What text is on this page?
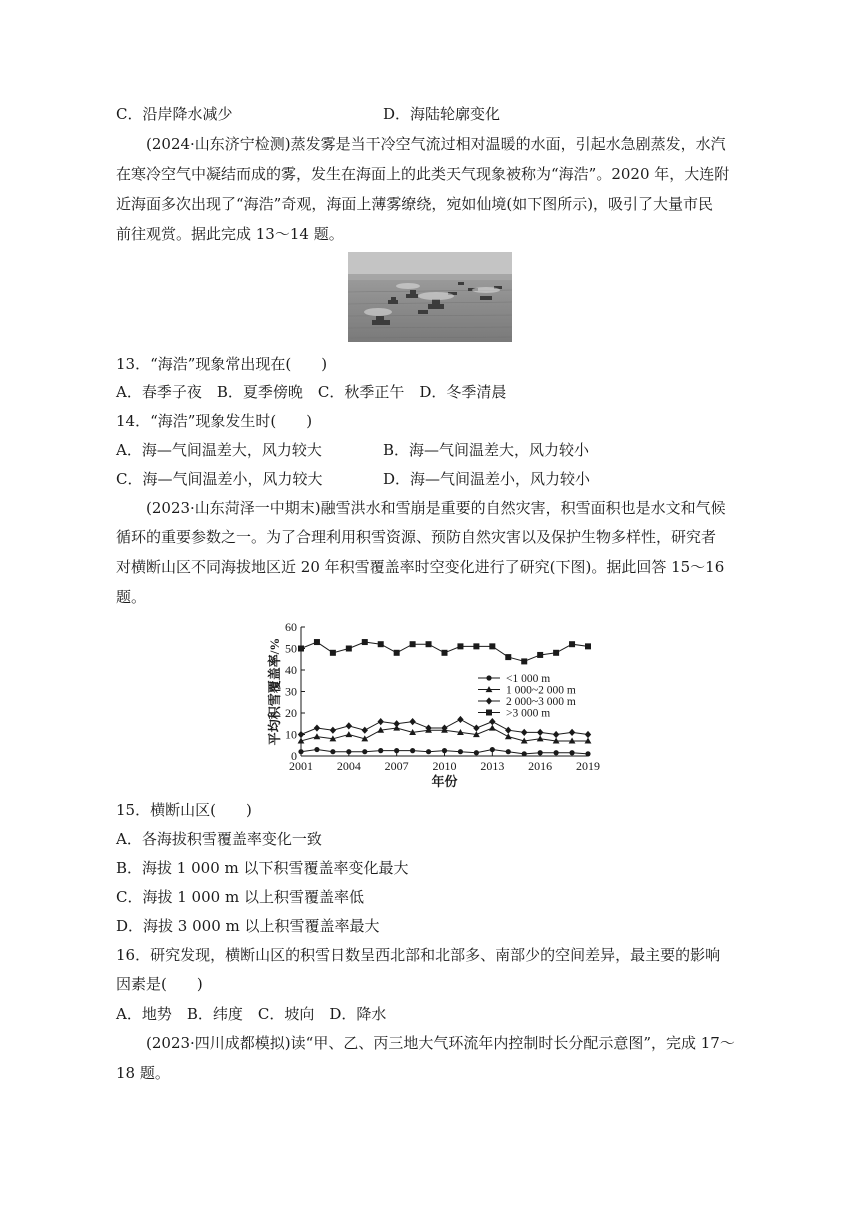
C．沿岸降水减少	D．海陆轮廓变化
(2024·山东济宁检测)蒸发雾是当干冷空气流过相对温暖的水面，引起水急剧蒸发，水汽
在寒冷空气中凝结而成的雾，发生在海面上的此类天气现象被称为“海浩”。2020 年，大连附
近海面多次出现了“海浩”奇观，海面上薄雾缭绕，宛如仙境(如下图所示)，吸引了大量市民
前往观赏。据此完成 13～14 题。
13．“海浩”现象常出现在(　　)
A．春季子夜　B．夏季傍晚　C．秋季正午　D．冬季清晨
14．“海浩”现象发生时(　　)
A．海—气间温差大，风力较大	B．海—气间温差大，风力较小
C．海—气间温差小，风力较大	D．海—气间温差小，风力较小
(2023·山东菏泽一中期末)融雪洪水和雪崩是重要的自然灾害，积雪面积也是水文和气候
循环的重要参数之一。为了合理利用积雪资源、预防自然灾害以及保护生物多样性，研究者
对横断山区不同海拔地区近 20 年积雪覆盖率时空变化进行了研究(下图)。据此回答 15～16
题。
0
10
20
30
40
50
60
2001 2004 2007 2010 2013 2016 2019
年份
平均积雪覆盖率/%	<1 000 m
1 000~2 000 m
2 000~3 000 m
>3 000 m
15．横断山区(　　)
A．各海拔积雪覆盖率变化一致
B．海拔 1 000 m 以下积雪覆盖率变化最大
C．海拔 1 000 m 以上积雪覆盖率低
D．海拔 3 000 m 以上积雪覆盖率最大
16．研究发现，横断山区的积雪日数呈西北部和北部多、南部少的空间差异，最主要的影响
因素是(　　)
A．地势　B．纬度　C．坡向　D．降水
(2023·四川成都模拟)读“甲、乙、丙三地大气环流年内控制时长分配示意图”，完成 17～
18 题。
